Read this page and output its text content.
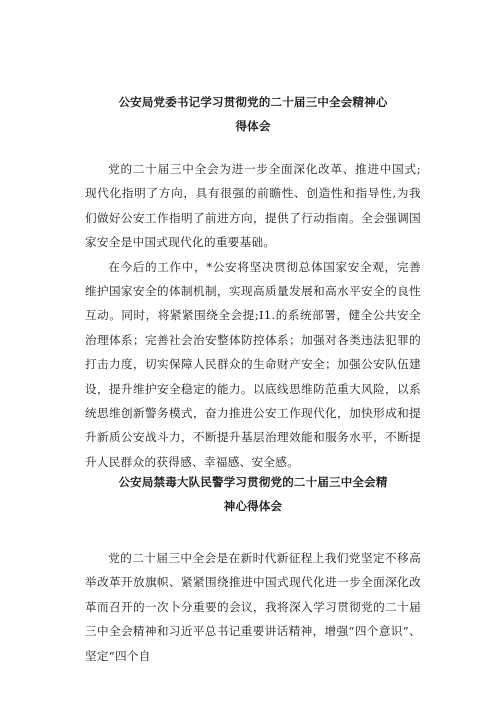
公安局党委书记学习贯彻党的二十届三中全会精神心
得体会

党的二十届三中全会为进一步全面深化改革、推进中国式;现代化指明了方向，具有很强的前瞻性、创造性和指导性,为我们做好公安工作指明了前进方向，提供了行动指南。全会强调国家安全是中国式现代化的重要基础。

在今后的工作中，*公安将坚决贯彻总体国家安全观，完善维护国家安全的体制机制，实现高质量发展和高水平安全的良性互动。同时，将紧紧围绕全会提;I1.的系统部署，健全公共安全治理体系；完善社会治安整体防控体系；加强对各类违法犯罪的打击力度，切实保障人民群众的生命财产安全；加强公安队伍建设，提升维护安全稳定的能力。以底线思维防范重大风险，以系统思维创新警务模式，奋力推进公安工作现代化，加快形成和提升新质公安战斗力，不断提升基层治理效能和服务水平，不断提升人民群众的获得感、幸福感、安全感。

公安局禁毒大队民警学习贯彻党的二十届三中全会精
神心得体会

党的二十届三中全会是在新时代新征程上我们党坚定不移高举改革开放旗帜、紧紧围绕推进中国式现代化进一步全面深化改革而召开的一次卜分重要的会议，我将深入学习贯彻党的二十届三中全会精神和习近平总书记重要讲话精神，增强“四个意识”、坚定“四个自
